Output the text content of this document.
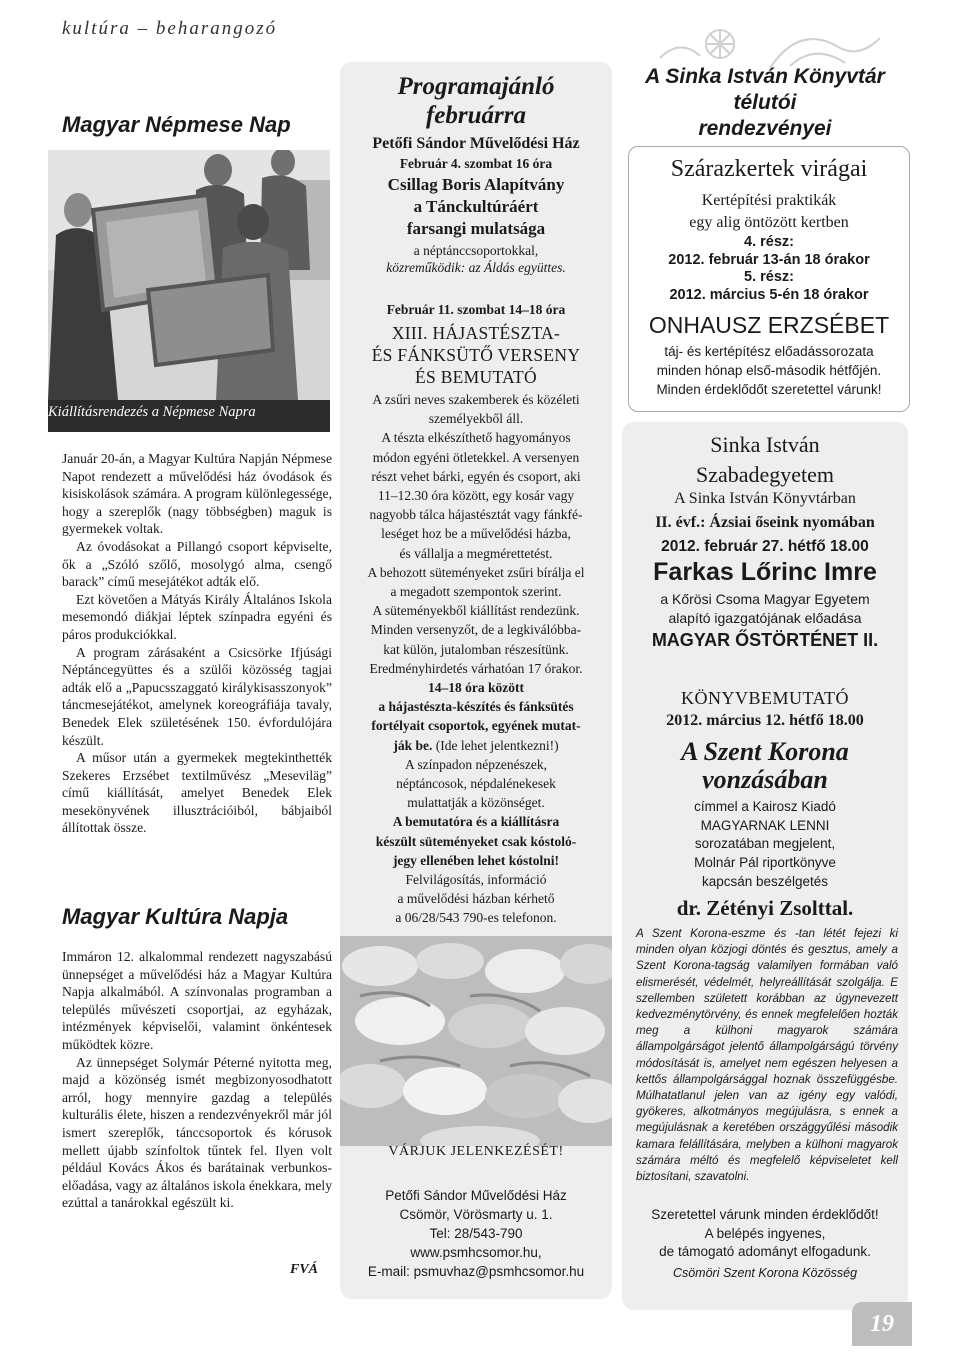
kultúra – beharangozó
Magyar Népmese Nap
Kiállításrendezés a Népmese Napra

Január 20-án, a Magyar Kultúra Napján Népmese Napot rendezett a művelődési ház óvodások és kisiskolások számára. A program különlegessége, hogy a szereplők (nagy többségben) maguk is gyermekek voltak.

Az óvodásokat a Pillangó csoport képviselte, ők a „Szóló szőlő, mosolygó alma, csengő barack” című mesejátékot adták elő.

Ezt követően a Mátyás Király Általános Iskola mesemondó diákjai léptek színpadra egyéni és páros produkciókkal.

A program zárásaként a Csicsörke Ifjúsági Néptáncegyüttes és a szülői közösség tagjai adták elő a „Papucsszaggató királykisasszonyok” táncmesejátékot, amelynek koreográfiája tavaly, Benedek Elek születésének 150. évfordulójára készült.

A műsor után a gyermekek megtekinthették Szekeres Erzsébet textilművész „Meseviläg” című kiállítását, amelyet Benedek Elek mesekönyvének illusztrációiból, bábjaiból állítottak össze.

Magyar Kultúra Napja

Immáron 12. alkalommal rendezett nagyszabású ünnepséget a művelődési ház a Magyar Kultúra Napja alkalmából. A színvonalas programban a település művészeti csoportjai, az egyházak, intézmények képviselői, valamint önkéntesek működtek közre.

Az ünnepséget Solymár Péterné nyitotta meg, majd a közönség ismét megbizonyosodhatott arról, hogy mennyire gazdag a település kulturális élete, hiszen a rendezvényekről már jól ismert szereplők, tánccsoportok és kórusok mellett újabb színfoltok tűntek fel. Ilyen volt például Kovács Ákos és barátainak verbunkos-előadása, vagy az általános iskola énekkara, mely ezúttal a tanárokkal egészült ki.

FVÁ
Programajánló
februárra
Petőfi Sándor Művelődési Ház
Február 4. szombat 16 óra
Csillag Boris Alapítvány
a Tánckultúráért
farsangi mulatsága
a néptánccsoportokkal,
közreműködik: az Áldás együttes.
Február 11. szombat 14–18 óra
XIII. HÁJASTÉSZTA-
ÉS FÁNKSÜTŐ VERSENY
ÉS BEMUTATÓ
A zsűri neves szakemberek és közéleti
személyekből áll.
A tészta elkészíthető hagyományos
módon egyéni ötletekkel. A versenyen
részt vehet bárki, egyén és csoport, aki
11–12.30 óra között, egy kosár vagy
nagyobb tálca hájastésztát vagy fánkfé-
leséget hoz be a művelődési házba,
és vállalja a megmérettetést.
A behozott süteményeket zsűri bírálja el
a megadott szempontok szerint.
A süteményekből kiállítást rendezünk.
Minden versenyzőt, de a legkiválóbba-
kat külön, jutalomban részesítünk.
Eredményhirdetés várhatóan 17 órakor.
14–18 óra között
a hájastészta-készítés és fánksütés
fortélyait csoportok, egyének mutat-
ják be. (Ide lehet jelentkezni!)
A színpadon népzenészek,
néptáncosok, népdalénekesek
mulattatják a közönséget.
A bemutatóra és a kiállításra
készült süteményeket csak kóstoló-
jegy ellenében lehet kóstolni!
Felvilágosítás, információ
a művelődési házban kérhető
a 06/28/543 790-es telefonon.
VÁRJUK JELENKEZÉSÉT!
Petőfi Sándor Művelődési Ház
Csömör, Vörösmarty u. 1.
Tel: 28/543-790
www.psmhcsomor.hu,
E-mail: psmuvhaz@psmhcsomor.hu
A Sinka István Könyvtár
télutói
rendezvényei
Szárazkertek virágai
Kertépítési praktikák
egy alig öntözött kertben
4. rész:
2012. február 13-án 18 órakor
5. rész:
2012. március 5-én 18 órakor
ONHAUSZ ERZSÉBET
táj- és kertépítész előadássorozata
minden hónap első-második hétfőjén.
Minden érdeklődőt szeretettel várunk!
Sinka István
Szabadegyetem
A Sinka István Könyvtárban
II. évf.: Ázsiai őseink nyomában
2012. február 27. hétfő 18.00
Farkas Lőrinc Imre
a Kőrösi Csoma Magyar Egyetem
alapító igazgatójának előadása
MAGYAR ŐSTÖRTÉNET II.
KÖNYVBEMUTATÓ
2012. március 12. hétfő 18.00
A Szent Korona
vonzásában
címmel a Kairosz Kiadó
MAGYARNAK LENNI
sorozatában megjelent,
Molnár Pál riportkönyve
kapcsán beszélgetés
dr. Zétényi Zsolttal.
A Szent Korona-eszme és -tan létét fejezi ki minden olyan közjogi döntés és gesztus, amely a Szent Korona-tagság valamilyen formában való elismerését, védelmét, helyreállítását szolgálja. E szellemben született korábban az úgynevezett kedvezménytörvény, és ennek megfelelően hozták meg a külhoni magyarok számára állampolgárságot jelentő állampolgárságú törvény módosítását is, amelyet nem egészen helyesen a kettős állampolgársággal hoznak összefüggésbe. Múlhatatlanul jelen van az igény egy valódi, gyökeres, alkotmányos megújulásra, s ennek a megújulásnak a keretében országgyűlési második kamara felállítására, melyben a külhoni magyarok számára méltó és megfelelő képviseletet kell biztosítani, szavatolni.
Szeretettel várunk minden érdeklődőt!
A belépés ingyenes,
de támogató adományt elfogadunk.
Csömöri Szent Korona Közösség
19
